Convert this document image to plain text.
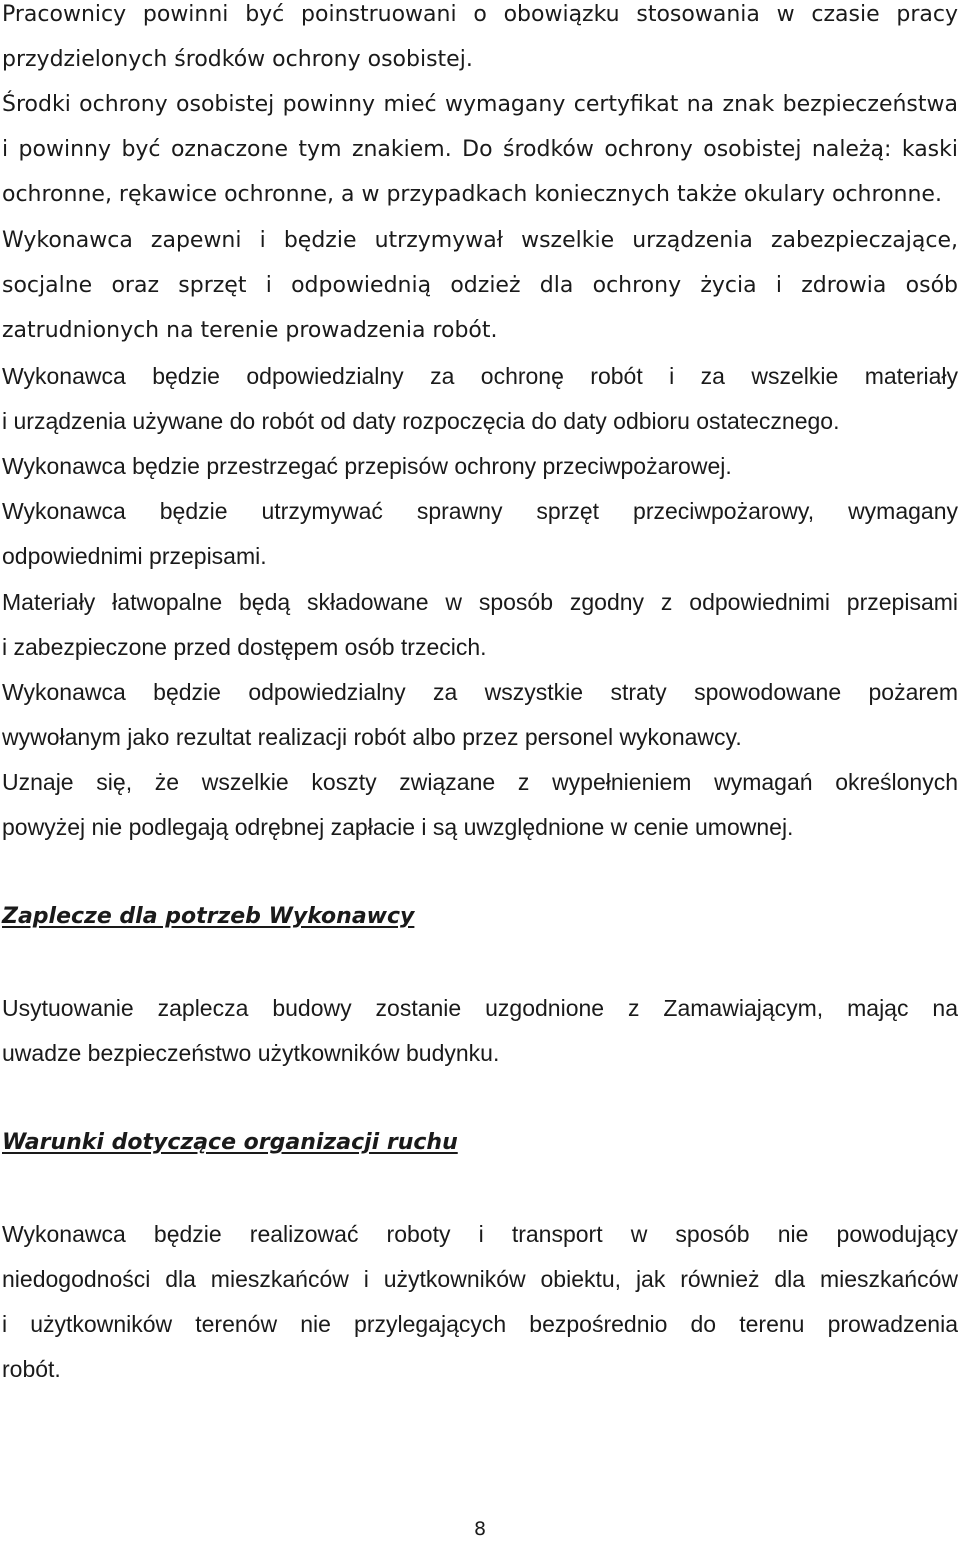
Pracownicy powinni być poinstruowani o obowiązku stosowania w czasie pracy
przydzielonych środków ochrony osobistej.
Środki ochrony osobistej powinny mieć wymagany certyfikat na znak bezpieczeństwa
i powinny być oznaczone tym znakiem. Do środków ochrony osobistej należą: kaski
ochronne, rękawice ochronne, a w przypadkach koniecznych także okulary ochronne.
Wykonawca zapewni i będzie utrzymywał wszelkie urządzenia zabezpieczające,
socjalne oraz sprzęt i odpowiednią odzież dla ochrony życia i zdrowia osób
zatrudnionych na terenie prowadzenia robót.
Wykonawca będzie odpowiedzialny za ochronę robót i za wszelkie materiały
i urządzenia używane do robót od daty rozpoczęcia do daty odbioru ostatecznego.
Wykonawca będzie przestrzegać przepisów ochrony przeciwpożarowej.
Wykonawca będzie utrzymywać sprawny sprzęt przeciwpożarowy, wymagany
odpowiednimi przepisami.
Materiały łatwopalne będą składowane w sposób zgodny z odpowiednimi przepisami
i zabezpieczone przed dostępem osób trzecich.
Wykonawca będzie odpowiedzialny za wszystkie straty spowodowane pożarem
wywołanym jako rezultat realizacji robót albo przez personel wykonawcy.
Uznaje się, że wszelkie koszty związane z wypełnieniem wymagań określonych
powyżej nie podlegają odrębnej zapłacie i są uwzględnione w cenie umownej.
Zaplecze dla potrzeb Wykonawcy
Usytuowanie zaplecza budowy zostanie uzgodnione z Zamawiającym, mając na
uwadze bezpieczeństwo użytkowników budynku.
Warunki dotyczące organizacji ruchu
Wykonawca będzie realizować roboty i transport w sposób nie powodujący
niedogodności dla mieszkańców i użytkowników obiektu, jak również dla mieszkańców
i użytkowników terenów nie przylegających bezpośrednio do terenu prowadzenia
robót.
8
